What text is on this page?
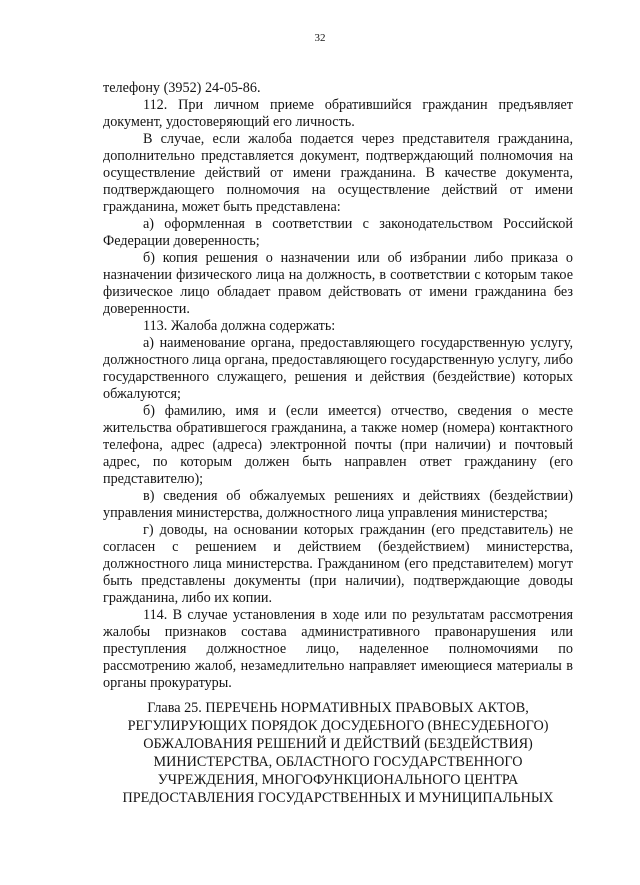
32

телефону (3952) 24-05-86.

112. При личном приеме обратившийся гражданин предъявляет документ, удостоверяющий его личность.

В случае, если жалоба подается через представителя гражданина, дополнительно представляется документ, подтверждающий полномочия на осуществление действий от имени гражданина. В качестве документа, подтверждающего полномочия на осуществление действий от имени гражданина, может быть представлена:

а) оформленная в соответствии с законодательством Российской Федерации доверенность;

б) копия решения о назначении или об избрании либо приказа о назначении физического лица на должность, в соответствии с которым такое физическое лицо обладает правом действовать от имени гражданина без доверенности.

113. Жалоба должна содержать:

а) наименование органа, предоставляющего государственную услугу, должностного лица органа, предоставляющего государственную услугу, либо государственного служащего, решения и действия (бездействие) которых обжалуются;

б) фамилию, имя и (если имеется) отчество, сведения о месте жительства обратившегося гражданина, а также номер (номера) контактного телефона, адрес (адреса) электронной почты (при наличии) и почтовый адрес, по которым должен быть направлен ответ гражданину (его представителю);

в) сведения об обжалуемых решениях и действиях (бездействии) управления министерства, должностного лица управления министерства;

г) доводы, на основании которых гражданин (его представитель) не согласен с решением и действием (бездействием) министерства, должностного лица министерства. Гражданином (его представителем) могут быть представлены документы (при наличии), подтверждающие доводы гражданина, либо их копии.

114. В случае установления в ходе или по результатам рассмотрения жалобы признаков состава административного правонарушения или преступления должностное лицо, наделенное полномочиями по рассмотрению жалоб, незамедлительно направляет имеющиеся материалы в органы прокуратуры.

Глава 25. ПЕРЕЧЕНЬ НОРМАТИВНЫХ ПРАВОВЫХ АКТОВ,
РЕГУЛИРУЮЩИХ ПОРЯДОК ДОСУДЕБНОГО (ВНЕСУДЕБНОГО)
ОБЖАЛОВАНИЯ РЕШЕНИЙ И ДЕЙСТВИЙ (БЕЗДЕЙСТВИЯ)
МИНИСТЕРСТВА, ОБЛАСТНОГО ГОСУДАРСТВЕННОГО
УЧРЕЖДЕНИЯ, МНОГОФУНКЦИОНАЛЬНОГО ЦЕНТРА
ПРЕДОСТАВЛЕНИЯ ГОСУДАРСТВЕННЫХ И МУНИЦИПАЛЬНЫХ
